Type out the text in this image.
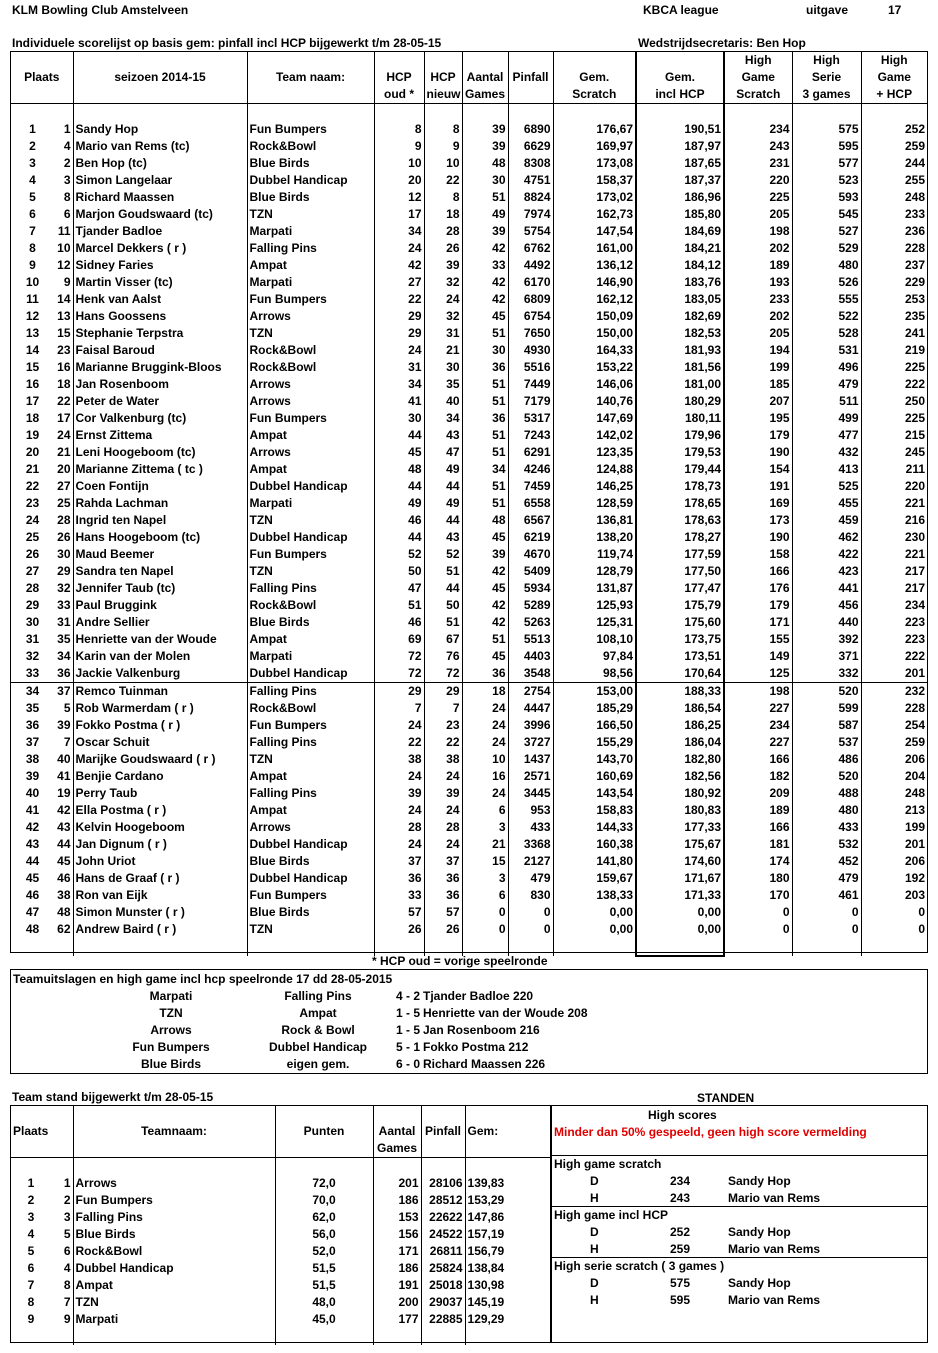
KLM Bowling Club Amstelveen	KBCA league	uitgave	17
Individuele scorelijst op basis gem: pinfall incl HCP bijgewerkt t/m 28-05-15	Wedstrijdsecretaris: Ben Hop
Plaats		seizoen 2014-15	Team naam:							High	High	High
				HCP	HCP	Aantal	Pinfall	Gem.	Gem.	Game	Serie	Game
				oud *	nieuw	Games		Scratch	incl HCP	Scratch	3 games	+ HCP

1	1	Sandy Hop	Fun Bumpers	8	8	39	6890	176,67	190,51	234	575	252
2	4	Mario van Rems (tc)	Rock&Bowl	9	9	39	6629	169,97	187,97	243	595	259
3	2	Ben Hop (tc)	Blue Birds	10	10	48	8308	173,08	187,65	231	577	244
4	3	Simon Langelaar	Dubbel Handicap	20	22	30	4751	158,37	187,37	220	523	255
5	8	Richard Maassen	Blue Birds	12	8	51	8824	173,02	186,96	225	593	248
6	6	Marjon Goudswaard (tc)	TZN	17	18	49	7974	162,73	185,80	205	545	233
7	11	Tjander Badloe	Marpati	34	28	39	5754	147,54	184,69	198	527	236
8	10	Marcel Dekkers ( r )	Falling Pins	24	26	42	6762	161,00	184,21	202	529	228
9	12	Sidney Faries	Ampat	42	39	33	4492	136,12	184,12	189	480	237
10	9	Martin Visser (tc)	Marpati	27	32	42	6170	146,90	183,76	193	526	229
11	14	Henk van Aalst	Fun Bumpers	22	24	42	6809	162,12	183,05	233	555	253
12	13	Hans Goossens	Arrows	29	32	45	6754	150,09	182,69	202	522	235
13	15	Stephanie Terpstra	TZN	29	31	51	7650	150,00	182,53	205	528	241
14	23	Faisal Baroud	Rock&Bowl	24	21	30	4930	164,33	181,93	194	531	219
15	16	Marianne Bruggink-Bloos	Rock&Bowl	31	30	36	5516	153,22	181,56	199	496	225
16	18	Jan Rosenboom	Arrows	34	35	51	7449	146,06	181,00	185	479	222
17	22	Peter de Water	Arrows	41	40	51	7179	140,76	180,29	207	511	250
18	17	Cor Valkenburg (tc)	Fun Bumpers	30	34	36	5317	147,69	180,11	195	499	225
19	24	Ernst Zittema	Ampat	44	43	51	7243	142,02	179,96	179	477	215
20	21	Leni Hoogeboom (tc)	Arrows	45	47	51	6291	123,35	179,53	190	432	245
21	20	Marianne Zittema ( tc )	Ampat	48	49	34	4246	124,88	179,44	154	413	211
22	27	Coen Fontijn	Dubbel Handicap	44	44	51	7459	146,25	178,73	191	525	220
23	25	Rahda Lachman	Marpati	49	49	51	6558	128,59	178,65	169	455	221
24	28	Ingrid ten Napel	TZN	46	44	48	6567	136,81	178,63	173	459	216
25	26	Hans Hoogeboom (tc)	Dubbel Handicap	44	43	45	6219	138,20	178,27	190	462	230
26	30	Maud Beemer	Fun Bumpers	52	52	39	4670	119,74	177,59	158	422	221
27	29	Sandra ten Napel	TZN	50	51	42	5409	128,79	177,50	166	423	217
28	32	Jennifer Taub (tc)	Falling Pins	47	44	45	5934	131,87	177,47	176	441	217
29	33	Paul Bruggink	Rock&Bowl	51	50	42	5289	125,93	175,79	179	456	234
30	31	Andre Sellier	Blue Birds	46	51	42	5263	125,31	175,60	171	440	223
31	35	Henriette van der Woude	Ampat	69	67	51	5513	108,10	173,75	155	392	223
32	34	Karin van der Molen	Marpati	72	76	45	4403	97,84	173,51	149	371	222
33	36	Jackie Valkenburg	Dubbel Handicap	72	72	36	3548	98,56	170,64	125	332	201
34	37	Remco Tuinman	Falling Pins	29	29	18	2754	153,00	188,33	198	520	232
35	5	Rob Warmerdam ( r )	Rock&Bowl	7	7	24	4447	185,29	186,54	227	599	228
36	39	Fokko Postma ( r )	Fun Bumpers	24	23	24	3996	166,50	186,25	234	587	254
37	7	Oscar Schuit	Falling Pins	22	22	24	3727	155,29	186,04	227	537	259
38	40	Marijke Goudswaard ( r )	TZN	38	38	10	1437	143,70	182,80	166	486	206
39	41	Benjie Cardano	Ampat	24	24	16	2571	160,69	182,56	182	520	204
40	19	Perry Taub	Falling Pins	39	39	24	3445	143,54	180,92	209	488	248
41	42	Ella Postma ( r )	Ampat	24	24	6	953	158,83	180,83	189	480	213
42	43	Kelvin Hoogeboom	Arrows	28	28	3	433	144,33	177,33	166	433	199
43	44	Jan Dignum ( r )	Dubbel Handicap	24	24	21	3368	160,38	175,67	181	532	201
44	45	John Uriot	Blue Birds	37	37	15	2127	141,80	174,60	174	452	206
45	46	Hans de Graaf ( r )	Dubbel Handicap	36	36	3	479	159,67	171,67	180	479	192
46	38	Ron van Eijk	Fun Bumpers	33	36	6	830	138,33	171,33	170	461	203
47	48	Simon Munster ( r )	Blue Birds	57	57	0	0	0,00	0,00	0	0	0
48	62	Andrew Baird ( r )	TZN	26	26	0	0	0,00	0,00	0	0	0

* HCP oud = vorige speelronde
Teamuitslagen en high game incl hcp speelronde 17 dd 28-05-2015
Marpati	Falling Pins	4 - 2 Tjander Badloe 220
TZN	Ampat	1 - 5 Henriette van der Woude 208
Arrows	Rock & Bowl	1 - 5 Jan Rosenboom 216
Fun Bumpers	Dubbel Handicap	5 - 1 Fokko Postma 212
Blue Birds	eigen gem.	6 - 0 Richard Maassen 226
Plaats		Teamnaam:	Punten			
				Aantal	Pinfall	Gem:
				Games		

1	1	Arrows	72,0	201	28106	139,83
2	2	Fun Bumpers	70,0	186	28512	153,29
3	3	Falling Pins	62,0	153	22622	147,86
4	5	Blue Birds	56,0	156	24522	157,19
5	6	Rock&Bowl	52,0	171	26811	156,79
6	4	Dubbel Handicap	51,5	186	25824	138,84
7	8	Ampat	51,5	191	25018	130,98
8	7	TZN	48,0	200	29037	145,19
9	9	Marpati	45,0	177	22885	129,29

Team stand bijgewerkt t/m 28-05-15	STANDEN
High scores
Minder dan 50% gespeeld, geen high score vermelding
High game scratch
D	234	Sandy Hop
H	243	Mario van Rems
High game incl HCP
D	252	Sandy Hop
H	259	Mario van Rems
High serie scratch ( 3 games )
D	575	Sandy Hop
H	595	Mario van Rems
